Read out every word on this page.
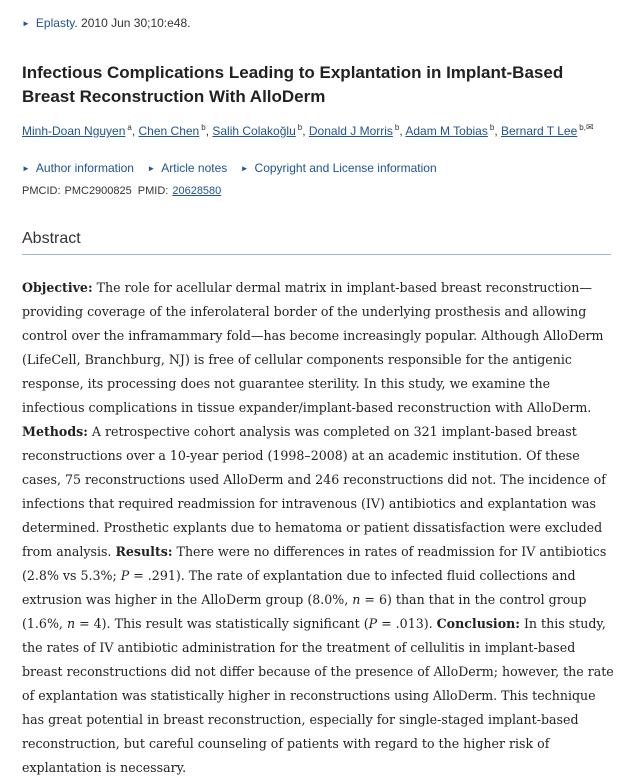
► Eplasty. 2010 Jun 30;10:e48.
Infectious Complications Leading to Explantation in Implant-Based Breast Reconstruction With AlloDerm
Minh-Doan Nguyen $^a$, Chen Chen $^b$, Salih Colakoğlu $^b$, Donald J Morris $^b$, Adam M Tobias $^b$, Bernard T Lee $^{b,✉}$
► Author information ► Article notes ► Copyright and License information
PMCID: PMC2900825 PMID: 20628580
Abstract

Objective: The role for acellular dermal matrix in implant-based breast reconstruction—providing coverage of the inferolateral border of the underlying prosthesis and allowing control over the inframammary fold—has become increasingly popular. Although AlloDerm (LifeCell, Branchburg, NJ) is free of cellular components responsible for the antigenic response, its processing does not guarantee sterility. In this study, we examine the infectious complications in tissue expander/implant-based reconstruction with AlloDerm. Methods: A retrospective cohort analysis was completed on 321 implant-based breast reconstructions over a 10-year period (1998–2008) at an academic institution. Of these cases, 75 reconstructions used AlloDerm and 246 reconstructions did not. The incidence of infections that required readmission for intravenous (IV) antibiotics and explantation was determined. Prosthetic explants due to hematoma or patient dissatisfaction were excluded from analysis. Results: There were no differences in rates of readmission for IV antibiotics (2.8% vs 5.3%; P = .291). The rate of explantation due to infected fluid collections and extrusion was higher in the AlloDerm group (8.0%, n = 6) than that in the control group (1.6%, n = 4). This result was statistically significant (P = .013). Conclusion: In this study, the rates of IV antibiotic administration for the treatment of cellulitis in implant-based breast reconstructions did not differ because of the presence of AlloDerm; however, the rate of explantation was statistically higher in reconstructions using AlloDerm. This technique has great potential in breast reconstruction, especially for single-staged implant-based reconstruction, but careful counseling of patients with regard to the higher risk of explantation is necessary.
